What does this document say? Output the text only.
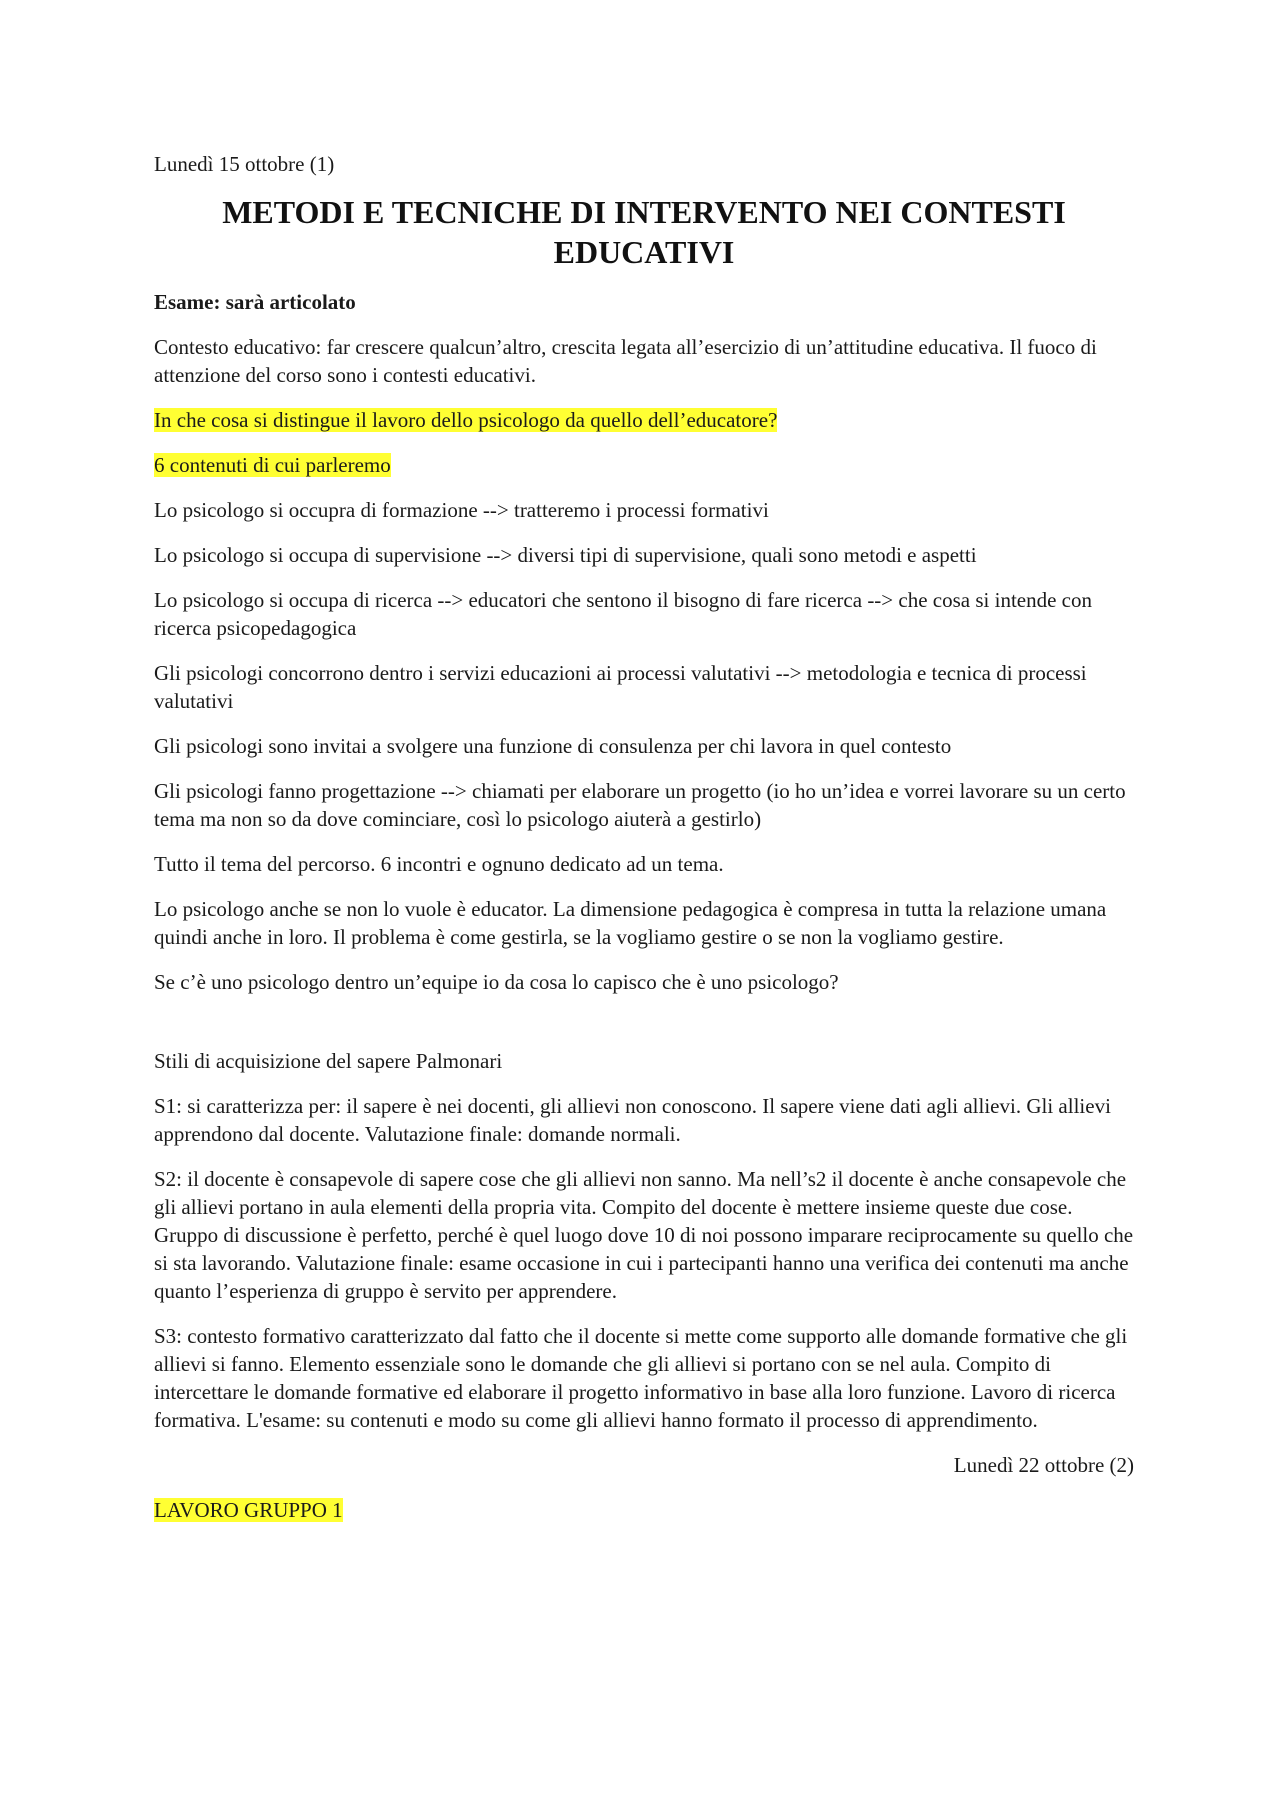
Lunedì 15 ottobre (1)
METODI E TECNICHE DI INTERVENTO NEI CONTESTI EDUCATIVI
Esame: sarà articolato
Contesto educativo: far crescere qualcun’altro, crescita legata all’esercizio di un’attitudine educativa. Il fuoco di attenzione del corso sono i contesti educativi.
In che cosa si distingue il lavoro dello psicologo da quello dell’educatore?
6 contenuti di cui parleremo
Lo psicologo si occupra di formazione --> tratteremo i processi formativi
Lo psicologo si occupa di supervisione --> diversi tipi di supervisione, quali sono metodi e aspetti
Lo psicologo si occupa di ricerca --> educatori che sentono il bisogno di fare ricerca --> che cosa si intende con ricerca psicopedagogica
Gli psicologi concorrono dentro i servizi educazioni ai processi valutativi --> metodologia e tecnica di processi valutativi
Gli psicologi sono invitai a svolgere una funzione di consulenza per chi lavora in quel contesto
Gli psicologi fanno progettazione --> chiamati per elaborare un progetto (io ho un’idea e vorrei lavorare su un certo tema ma non so da dove cominciare, così lo psicologo aiuterà a gestirlo)
Tutto il tema del percorso. 6 incontri e ognuno dedicato ad un tema.
Lo psicologo anche se non lo vuole è educator. La dimensione pedagogica è compresa in tutta la relazione umana quindi anche in loro. Il problema è come gestirla, se la vogliamo gestire o se non la vogliamo gestire.
Se c’è uno psicologo dentro un’equipe io da cosa lo capisco che è uno psicologo?
Stili di acquisizione del sapere Palmonari
S1: si caratterizza per: il sapere è nei docenti, gli allievi non conoscono. Il sapere viene dati agli allievi. Gli allievi apprendono dal docente. Valutazione finale: domande normali.
S2: il docente è consapevole di sapere cose che gli allievi non sanno. Ma nell’s2 il docente è anche consapevole che gli allievi portano in aula elementi della propria vita. Compito del docente è mettere insieme queste due cose. Gruppo di discussione è perfetto, perché è quel luogo dove 10 di noi possono imparare reciprocamente su quello che si sta lavorando. Valutazione finale: esame occasione in cui i partecipanti hanno una verifica dei contenuti ma anche quanto l’esperienza di gruppo è servito per apprendere.
S3: contesto formativo caratterizzato dal fatto che il docente si mette come supporto alle domande formative che gli allievi si fanno. Elemento essenziale sono le domande che gli allievi si portano con se nel aula. Compito di intercettare le domande formative ed elaborare il progetto informativo in base alla loro funzione. Lavoro di ricerca formativa. L'esame: su contenuti e modo su come gli allievi hanno formato il processo di apprendimento.
Lunedì 22 ottobre (2)
LAVORO GRUPPO 1
